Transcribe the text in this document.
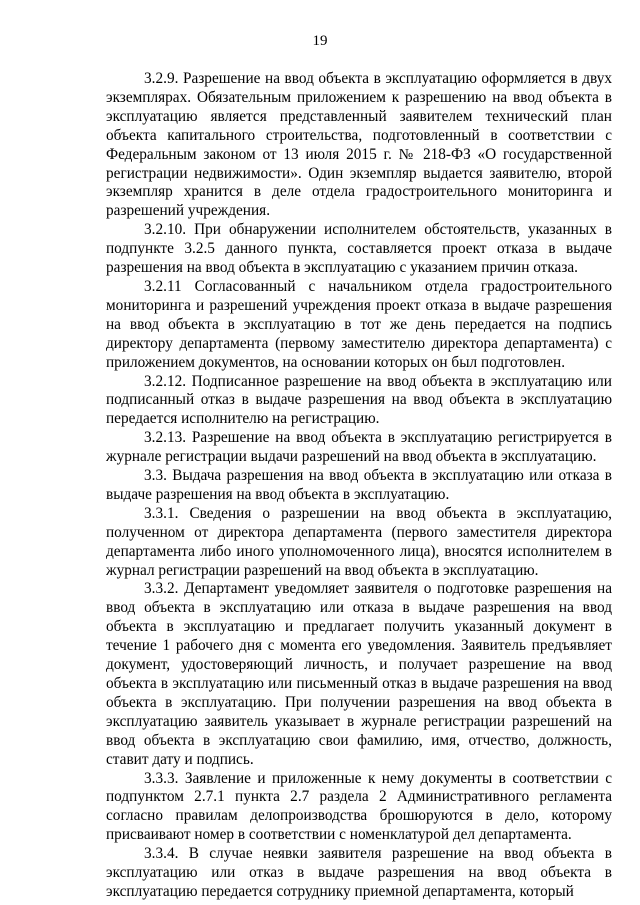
19

3.2.9. Разрешение на ввод объекта в эксплуатацию оформляется в двух экземплярах. Обязательным приложением к разрешению на ввод объекта в эксплуатацию является представленный заявителем технический план объекта капитального строительства, подготовленный в соответствии с Федеральным законом от 13 июля 2015 г. № 218-ФЗ «О государственной регистрации недвижимости». Один экземпляр выдается заявителю, второй экземпляр хранится в деле отдела градостроительного мониторинга и разрешений учреждения.

3.2.10. При обнаружении исполнителем обстоятельств, указанных в подпункте 3.2.5 данного пункта, составляется проект отказа в выдаче разрешения на ввод объекта в эксплуатацию с указанием причин отказа.

3.2.11 Согласованный с начальником отдела градостроительного мониторинга и разрешений учреждения проект отказа в выдаче разрешения на ввод объекта в эксплуатацию в тот же день передается на подпись директору департамента (первому заместителю директора департамента) с приложением документов, на основании которых он был подготовлен.

3.2.12. Подписанное разрешение на ввод объекта в эксплуатацию или подписанный отказ в выдаче разрешения на ввод объекта в эксплуатацию передается исполнителю на регистрацию.

3.2.13. Разрешение на ввод объекта в эксплуатацию регистрируется в журнале регистрации выдачи разрешений на ввод объекта в эксплуатацию.

3.3. Выдача разрешения на ввод объекта в эксплуатацию или отказа в выдаче разрешения на ввод объекта в эксплуатацию.

3.3.1. Сведения о разрешении на ввод объекта в эксплуатацию, полученном от директора департамента (первого заместителя директора департамента либо иного уполномоченного лица), вносятся исполнителем в журнал регистрации разрешений на ввод объекта в эксплуатацию.

3.3.2. Департамент уведомляет заявителя о подготовке разрешения на ввод объекта в эксплуатацию или отказа в выдаче разрешения на ввод объекта в эксплуатацию и предлагает получить указанный документ в течение 1 рабочего дня с момента его уведомления. Заявитель предъявляет документ, удостоверяющий личность, и получает разрешение на ввод объекта в эксплуатацию или письменный отказ в выдаче разрешения на ввод объекта в эксплуатацию. При получении разрешения на ввод объекта в эксплуатацию заявитель указывает в журнале регистрации разрешений на ввод объекта в эксплуатацию свои фамилию, имя, отчество, должность, ставит дату и подпись.

3.3.3. Заявление и приложенные к нему документы в соответствии с подпунктом 2.7.1 пункта 2.7 раздела 2 Административного регламента согласно правилам делопроизводства брошюруются в дело, которому присваивают номер в соответствии с номенклатурой дел департамента.

3.3.4. В случае неявки заявителя разрешение на ввод объекта в эксплуатацию или отказ в выдаче разрешения на ввод объекта в эксплуатацию передается сотруднику приемной департамента, который
